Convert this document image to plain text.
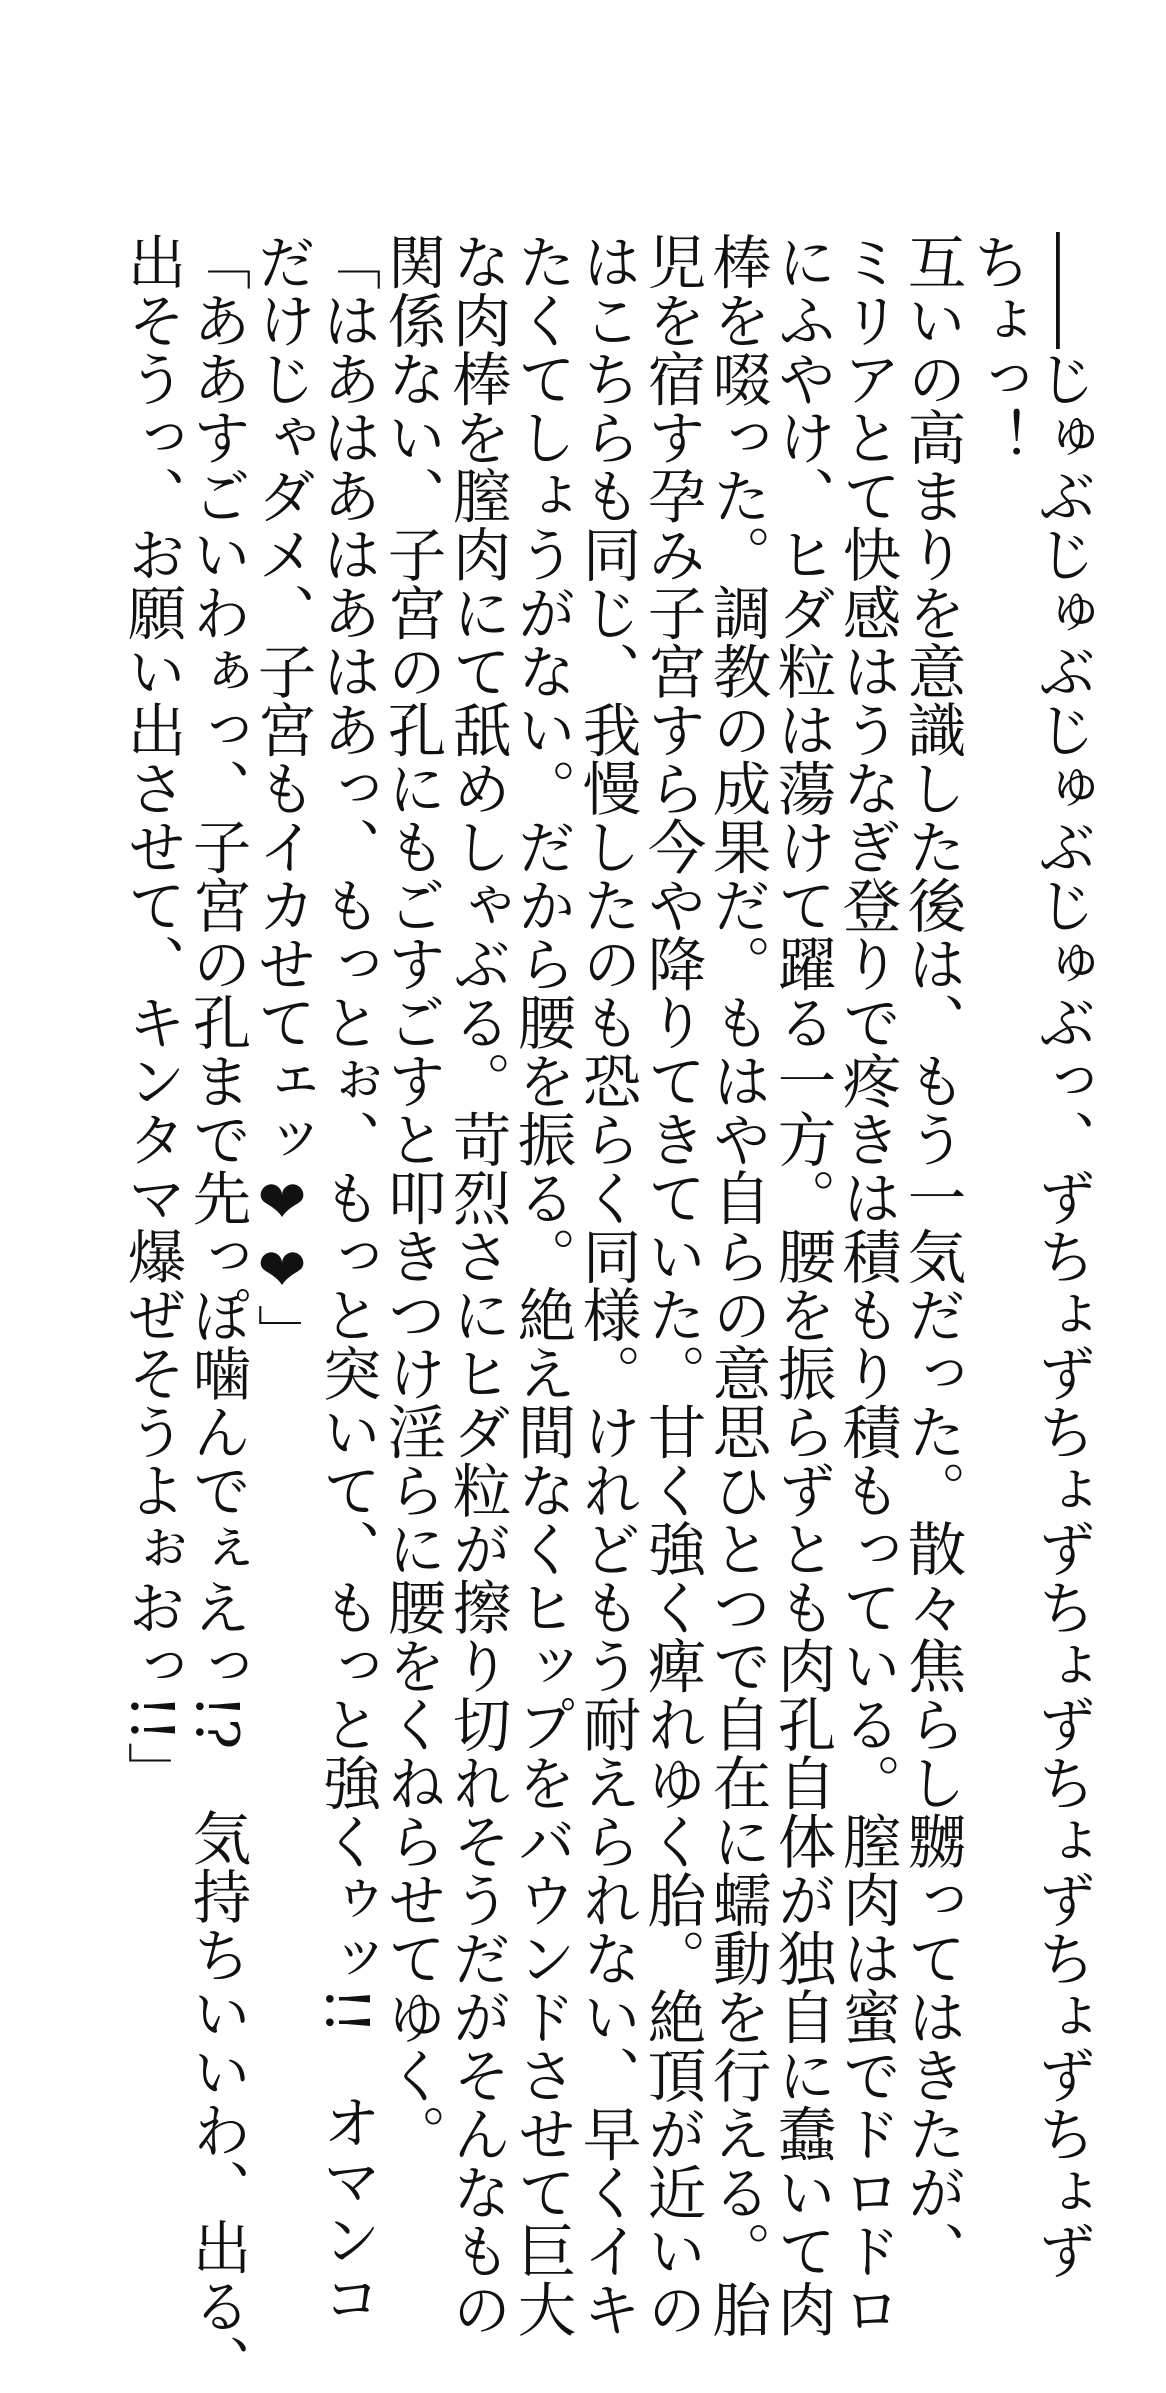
――じゅぶじゅぶじゅぶじゅぶっ、ずちょずちょずちょずちょずちょずちょず
ちょっ！
互いの高まりを意識した後は、もう一気だった。散々焦らし嬲ってはきたが、
ミリアとて快感はうなぎ登りで疼きは積もり積もっている。膣肉は蜜でドロドロ
にふやけ、ヒダ粒は蕩けて躍る一方。腰を振らずとも肉孔自体が独自に蠢いて肉
棒を啜った。調教の成果だ。もはや自らの意思ひとつで自在に蠕動を行える。胎
児を宿す孕み子宮すら今や降りてきていた。甘く強く痺れゆく胎。絶頂が近いの
はこちらも同じ、我慢したのも恐らく同様。けれどもう耐えられない、早くイキ
たくてしょうがない。だから腰を振る。絶え間なくヒップをバウンドさせて巨大
な肉棒を膣肉にて舐めしゃぶる。苛烈さにヒダ粒が擦り切れそうだがそんなもの
関係ない、子宮の孔にもごすごすと叩きつけ淫らに腰をくねらせてゆく。
「はあはあはあはあっ、もっとぉ、もっと突いて、もっと強くゥッ!!　オマンコ
だけじゃダメ、子宮もイカせてェッ❤❤」
「ああすごいわぁっ、子宮の孔まで先っぽ噛んでぇえっ!?　気持ちいいわ、出る、
出そうっ、お願い出させて、キンタマ爆ぜそうよぉおっ!!」
